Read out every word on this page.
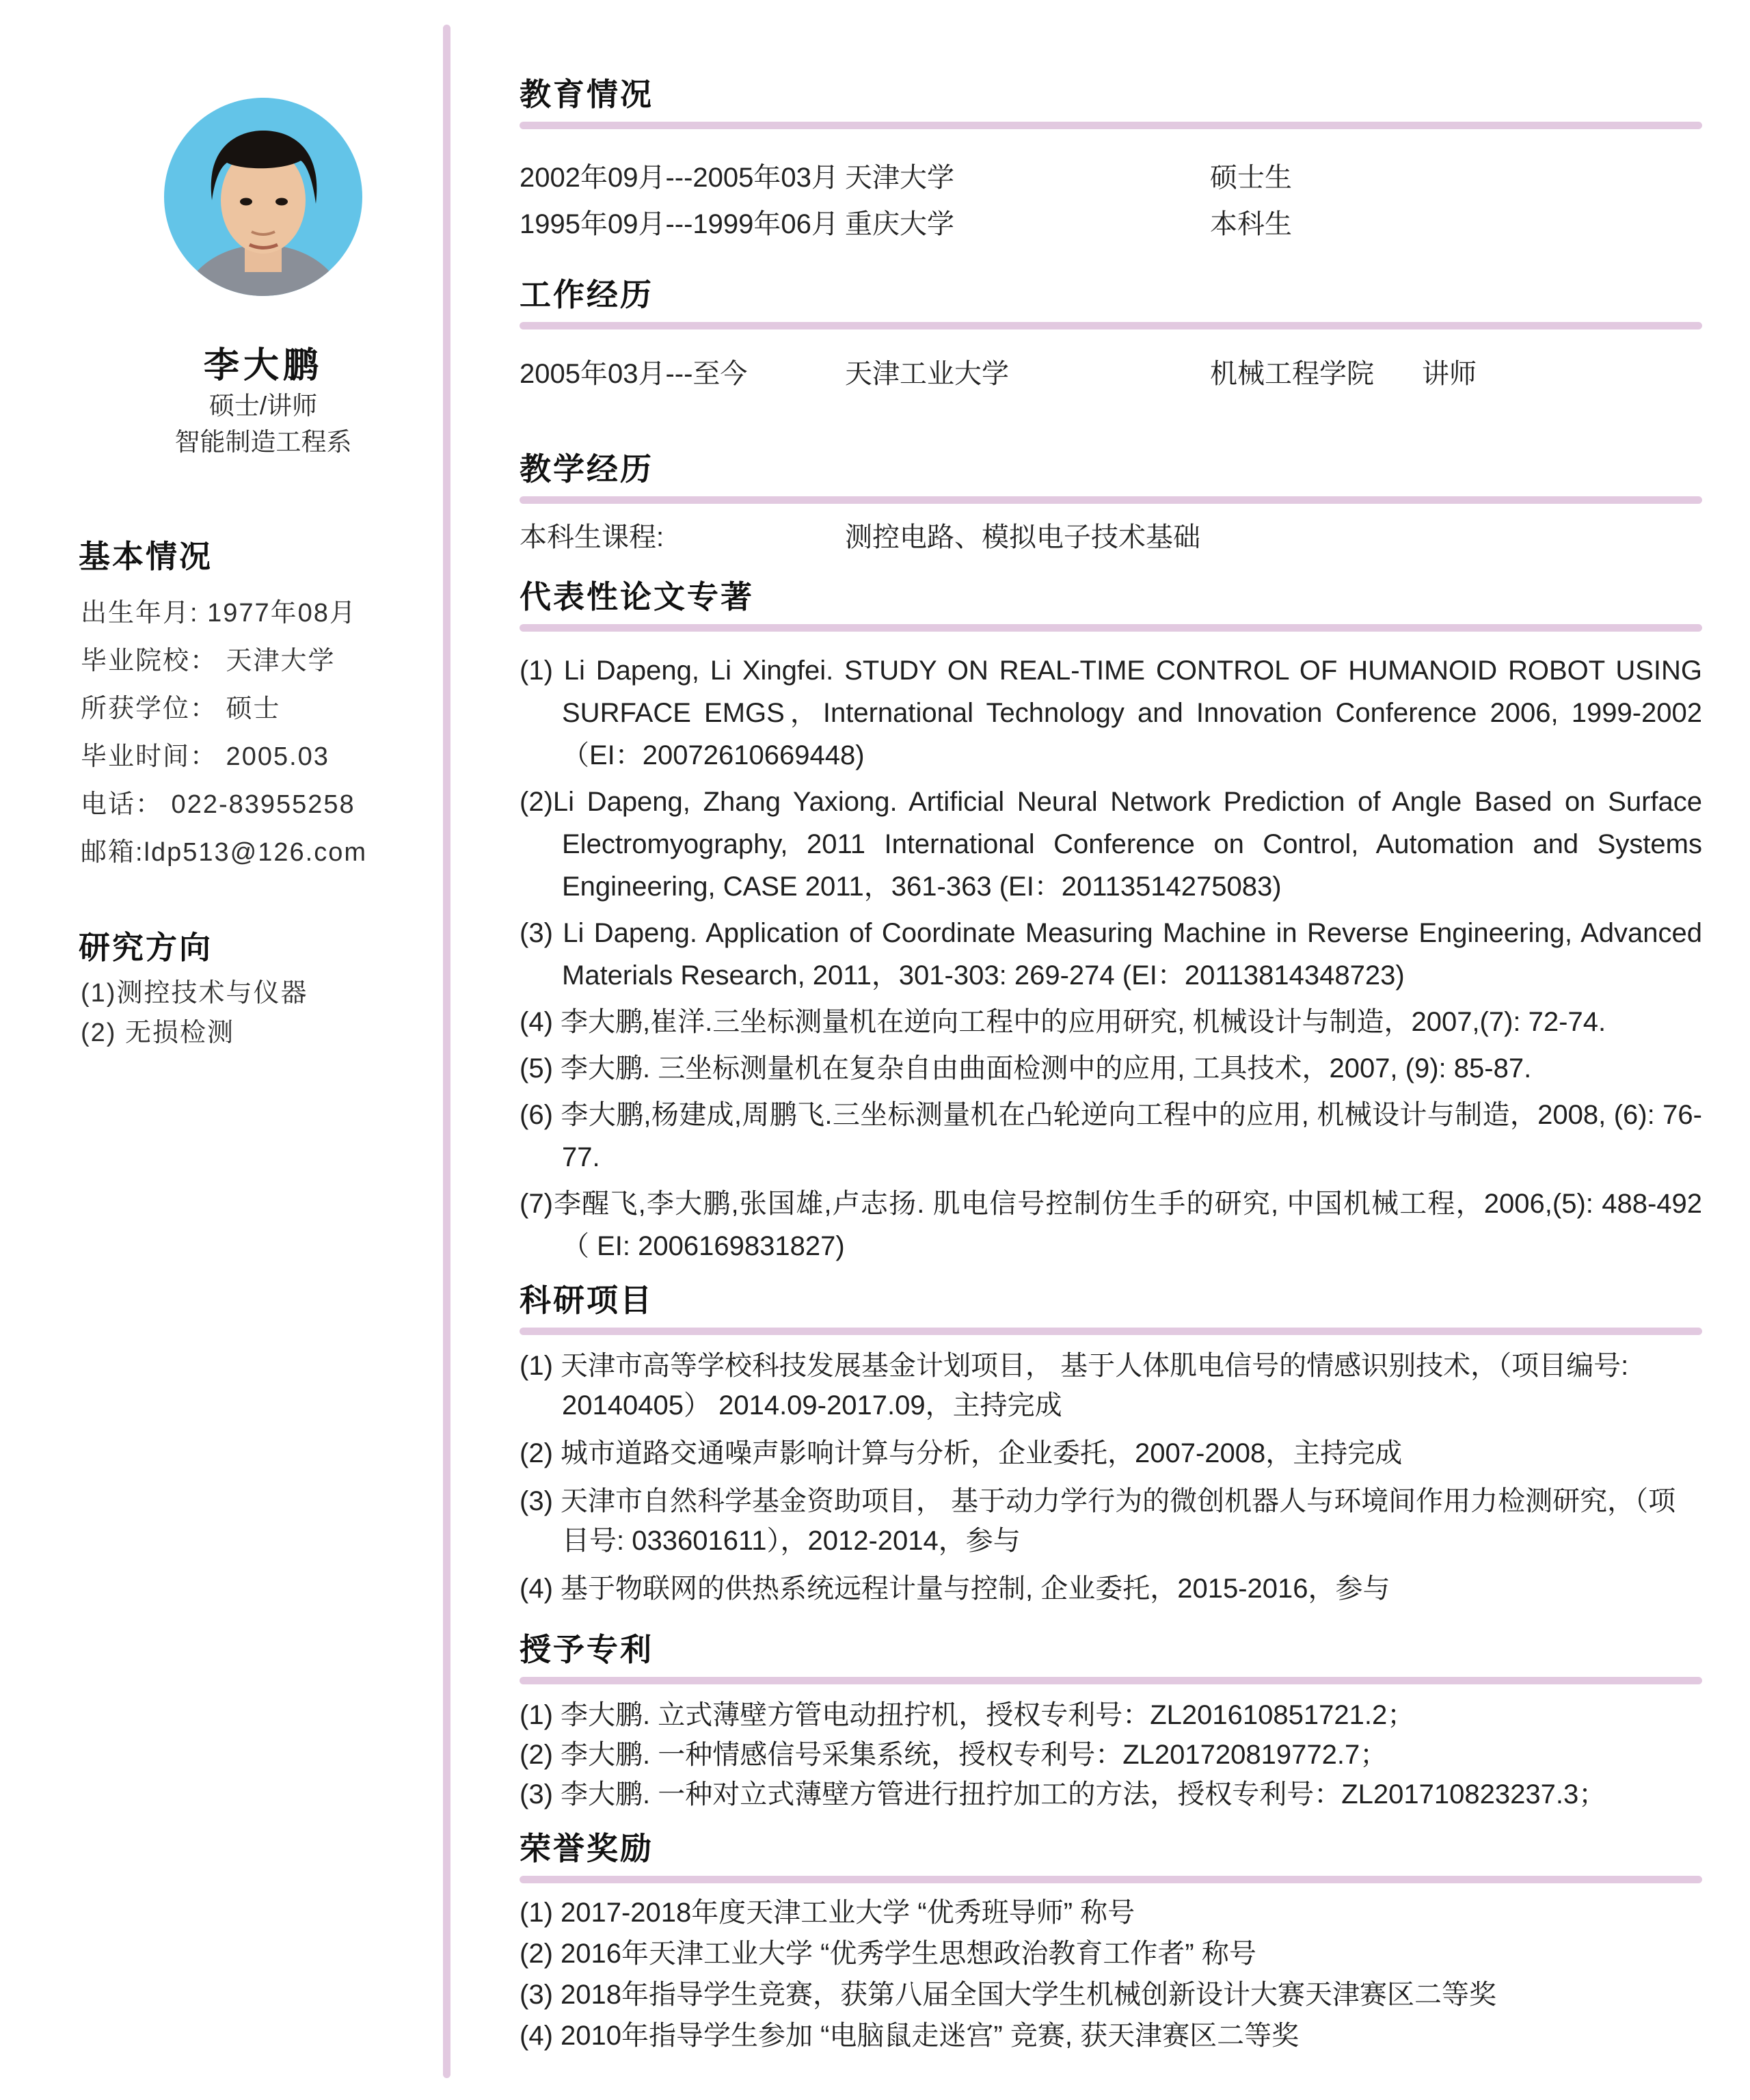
李大鹏
硕士/讲师
智能制造工程系
基本情况

出生年月: 1977年08月

毕业院校： 天津大学

所获学位： 硕士

毕业时间： 2005.03

电话： 022-83955258

邮箱:ldp513@126.com

研究方向

(1)测控技术与仪器

(2) 无损检测

教育情况
2002年09月---2005年03月 天津大学	硕士生
1995年09月---1999年06月 重庆大学	本科生
工作经历
2005年03月---至今	天津工业大学	机械工程学院 讲师
教学经历
本科生课程:	测控电路、模拟电子技术基础
代表性论文专著

(1) Li Dapeng, Li Xingfei. STUDY ON REAL-TIME CONTROL OF HUMANOID ROBOT USING SURFACE EMGS，International Technology and Innovation Conference 2006, 1999-2002 （EI：20072610669448)

(2)Li Dapeng, Zhang Yaxiong. Artificial Neural Network Prediction of Angle Based on Surface Electromyography, 2011 International Conference on Control, Automation and Systems Engineering, CASE 2011，361-363 (EI：20113514275083)

(3) Li Dapeng. Application of Coordinate Measuring Machine in Reverse Engineering, Advanced Materials Research, 2011，301-303: 269-274 (EI：20113814348723)

(4) 李大鹏,崔洋.三坐标测量机在逆向工程中的应用研究, 机械设计与制造，2007,(7): 72-74.

(5) 李大鹏. 三坐标测量机在复杂自由曲面检测中的应用, 工具技术，2007, (9): 85-87.

(6) 李大鹏,杨建成,周鹏飞.三坐标测量机在凸轮逆向工程中的应用, 机械设计与制造，2008, (6): 76-77.

(7)李醒飞,李大鹏,张国雄,卢志扬. 肌电信号控制仿生手的研究, 中国机械工程，2006,(5): 488-492 （ EI: 2006169831827)

科研项目

(1) 天津市高等学校科技发展基金计划项目， 基于人体肌电信号的情感识别技术，（项目编号: 20140405） 2014.09-2017.09，主持完成

(2) 城市道路交通噪声影响计算与分析，企业委托，2007-2008，主持完成

(3) 天津市自然科学基金资助项目， 基于动力学行为的微创机器人与环境间作用力检测研究，（项目号: 033601611），2012-2014，参与

(4) 基于物联网的供热系统远程计量与控制, 企业委托，2015-2016，参与

授予专利

(1) 李大鹏. 立式薄壁方管电动扭拧机，授权专利号：ZL201610851721.2；

(2) 李大鹏. 一种情感信号采集系统，授权专利号：ZL201720819772.7；

(3) 李大鹏. 一种对立式薄壁方管进行扭拧加工的方法，授权专利号：ZL201710823237.3；

荣誉奖励

(1) 2017-2018年度天津工业大学 “优秀班导师” 称号

(2) 2016年天津工业大学 “优秀学生思想政治教育工作者” 称号

(3) 2018年指导学生竞赛，获第八届全国大学生机械创新设计大赛天津赛区二等奖

(4) 2010年指导学生参加 “电脑鼠走迷宫” 竞赛, 获天津赛区二等奖
